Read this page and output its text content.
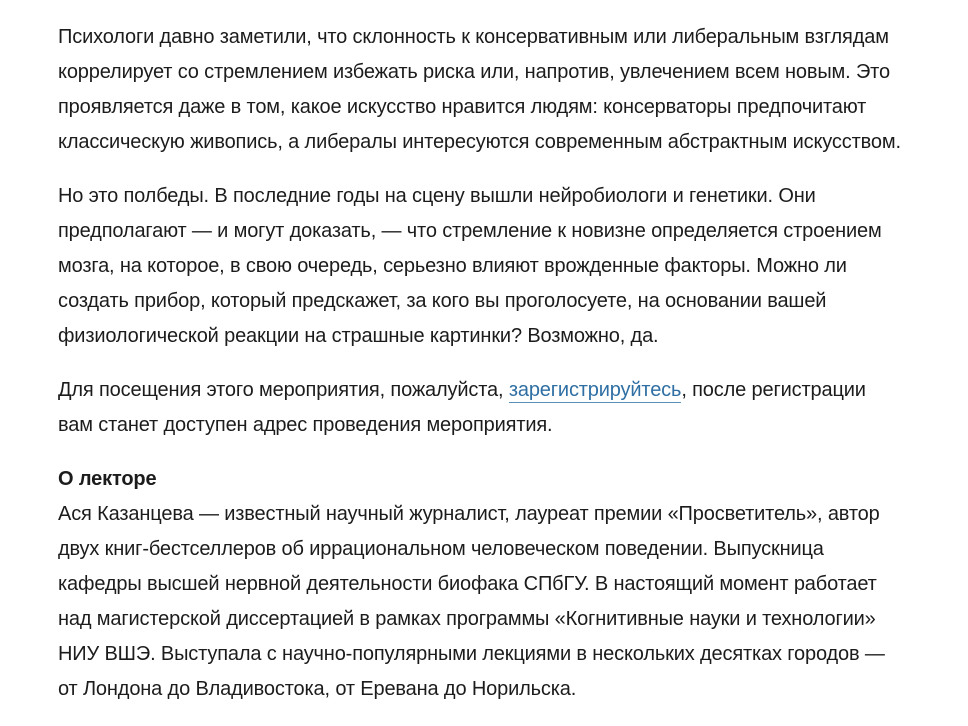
Психологи давно заметили, что склонность к консервативным или либеральным взглядам
коррелирует со стремлением избежать риска или, напротив, увлечением всем новым. Это
проявляется даже в том, какое искусство нравится людям: консерваторы предпочитают
классическую живопись, а либералы интересуются современным абстрактным искусством.

Но это полбеды. В последние годы на сцену вышли нейробиологи и генетики. Они
предполагают — и могут доказать, — что стремление к новизне определяется строением
мозга, на которое, в свою очередь, серьезно влияют врожденные факторы. Можно ли
создать прибор, который предскажет, за кого вы проголосуете, на основании вашей
физиологической реакции на страшные картинки? Возможно, да.

Для посещения этого мероприятия, пожалуйста, зарегистрируйтесь, после регистрации
вам станет доступен адрес проведения мероприятия.

О лекторе
Ася Казанцева — известный научный журналист, лауреат премии «Просветитель», автор
двух книг-бестселлеров об иррациональном человеческом поведении. Выпускница
кафедры высшей нервной деятельности биофака СПбГУ. В настоящий момент работает
над магистерской диссертацией в рамках программы «Когнитивные науки и технологии»
НИУ ВШЭ. Выступала с научно-популярными лекциями в нескольких десятках городов —
от Лондона до Владивостока, от Еревана до Норильска.
